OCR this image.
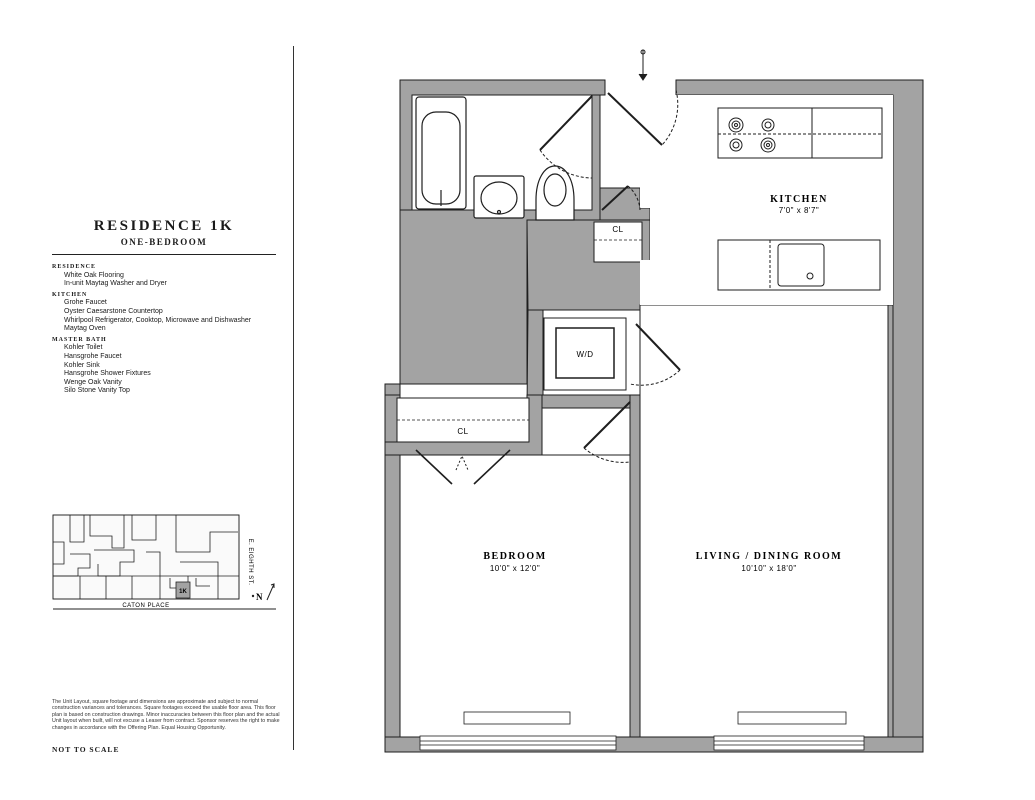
RESIDENCE 1K
ONE-BEDROOM
RESIDENCE
White Oak Flooring
In-unit Maytag Washer and Dryer
KITCHEN
Grohe Faucet
Oyster Caesarstone Countertop
Whirlpool Refrigerator, Cooktop, Microwave and Dishwasher
Maytag Oven
MASTER BATH
Kohler Toilet
Hansgrohe Faucet
Kohler Sink
Hansgrohe Shower Fixtures
Wenge Oak Vanity
Silo Stone Vanity Top
1K
CATON PLACE
E. EIGHTH ST.
N
The Unit Layout, square footage and dimensions are approximate and subject to normal construction variances and tolerances. Square footages exceed the usable floor area. This floor plan is based on construction drawings. Minor inaccuracies between this floor plan and the actual Unit layout when built, will not excuse a Leaser from contract. Sponsor reserves the right to make changes in accordance with the Offering Plan. Equal Housing Opportunity.
NOT TO SCALE
CL
CL
W/D
KITCHEN
7'0" x 8'7"
BEDROOM
10'0" x 12'0"
LIVING / DINING ROOM
10'10" x 18'0"
